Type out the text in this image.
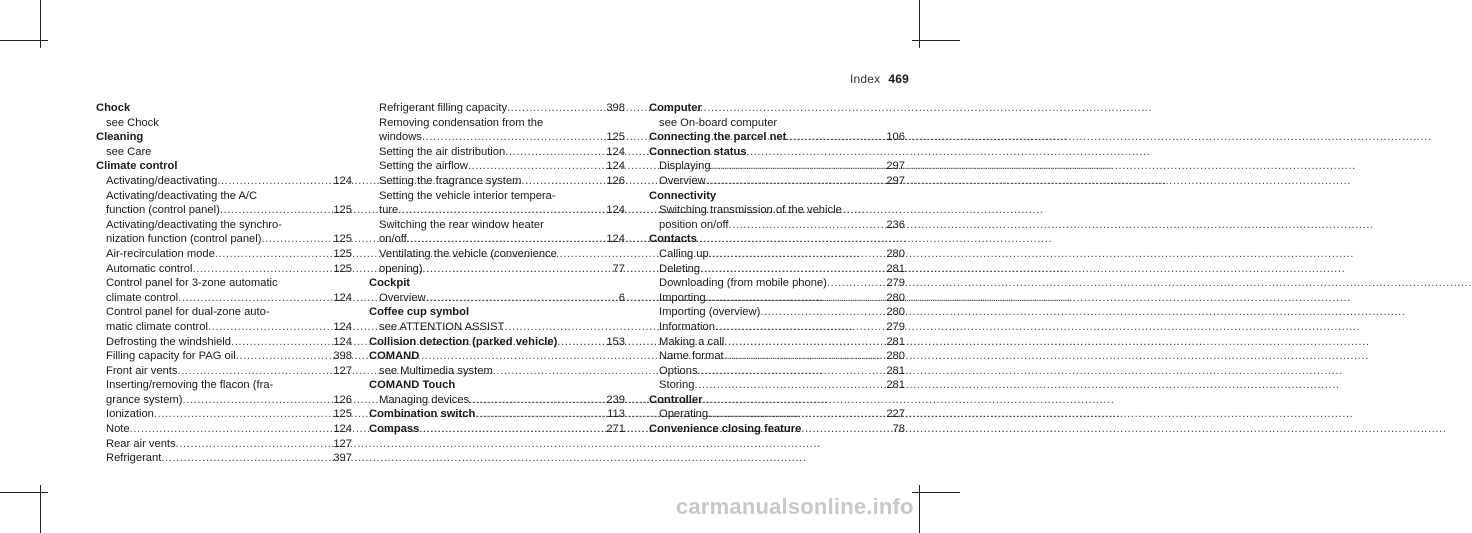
Index 469
Chock
see Chock
Cleaning
see Care
Climate control
Activating/deactivating .....	124
Activating/deactivating the A/C
function (control panel) .....	125
Activating/deactivating the synchro-
nization function (control panel) .....	125
Air-recirculation mode .....	125
Automatic control .....	125
Control panel for 3-zone automatic
climate control .....	124
Control panel for dual-zone auto-
matic climate control .....	124
Defrosting the windshield .....	124
Filling capacity for PAG oil .....	398
Front air vents .....	127
Inserting/removing the flacon (fra-
grance system) .....	126
Ionization .....	125
Note .....	124
Rear air vents .....	127
Refrigerant .....	397
Refrigerant filling capacity .....	398
Removing condensation from the
windows .....	125
Setting the air distribution .....	124
Setting the airflow .....	124
Setting the fragrance system .....	126
Setting the vehicle interior tempera-
ture .....	124
Switching the rear window heater
on/off .....	124
Ventilating the vehicle (convenience
opening) .....	77
Cockpit
Overview .....	6
Coffee cup symbol
see ATTENTION ASSIST
Collision detection (parked vehicle) .....	153
COMAND
see Multimedia system
COMAND Touch
Managing devices .....	239
Combination switch .....	113
Compass .....	271
Computer
see On-board computer
Connecting the parcel net .....	106
Connection status
Displaying .....	297
Overview .....	297
Connectivity
Switching transmission of the vehicle
position on/off .....	236
Contacts
Calling up .....	280
Deleting .....	281
Downloading (from mobile phone) .....	279
Importing .....	280
Importing (overview) .....	280
Information .....	279
Making a call .....	281
Name format .....	280
Options .....	281
Storing .....	281
Controller
Operating .....	227
Convenience closing feature .....	78
carmanualsonline.info
